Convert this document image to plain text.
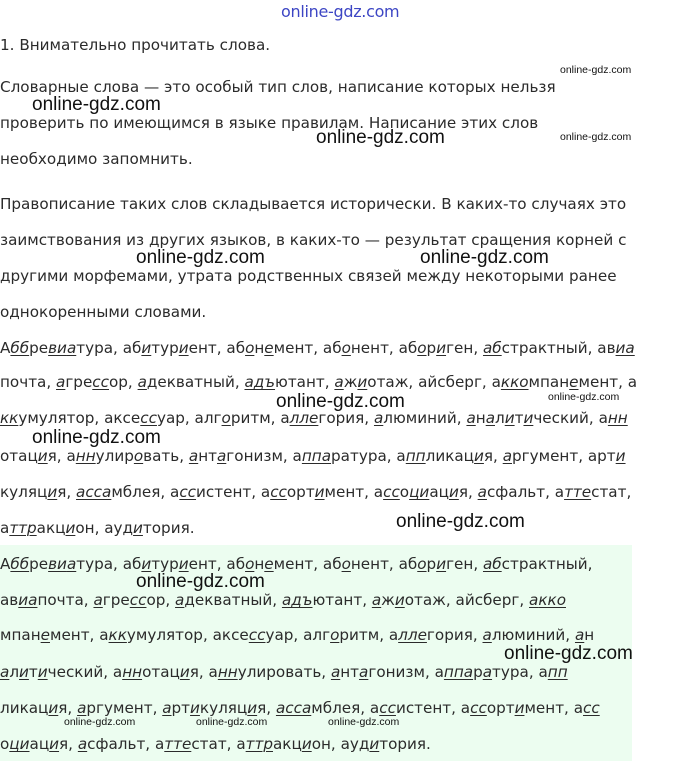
online-gdz.com
1. Внимательно прочитать слова.
Словарные слова — это особый тип слов, написание которых нельзя
проверить по имеющимся в языке правилам. Написание этих слов
необходимо запомнить.
Правописание таких слов складывается исторически. В каких-то случаях это
заимствования из других языков, в каких-то — результат сращения корней с
другими морфемами, утрата родственных связей между некоторыми ранее
однокоренными словами.
Аббревиатура, абитуриент, абонемент, абонент, абориген, абстрактный, авиа
почта, агрессор, адекватный, адъютант, ажиотаж, айсберг, аккомпанемент, а
ккумулятор, аксессуар, алгоритм, аллегория, алюминий, аналитический, анн
отация, аннулировать, антагонизм, аппаратура, аппликация, аргумент, арти
куляция, ассамблея, ассистент, ассортимент, ассоциация, асфальт, аттестат,
аттракцион, аудитория.
Аббревиатура, абитуриент, абонемент, абонент, абориген, абстрактный,
авиапочта, агрессор, адекватный, адъютант, ажиотаж, айсберг, акко
мпанемент, аккумулятор, аксессуар, алгоритм, аллегория, алюминий, ан
алитический, аннотация, аннулировать, антагонизм, аппаратура, апп
ликация, аргумент, артикуляция, ассамблея, ассистент, ассортимент, асс
оциация, асфальт, аттестат, аттракцион, аудитория.
online-gdz.com
online-gdz.com
online-gdz.com	online-gdz.com
online-gdz.com	online-gdz.com
online-gdz.com	online-gdz.com
online-gdz.com
online-gdz.com
online-gdz.com
online-gdz.com
online-gdz.com	online-gdz.com	online-gdz.com
